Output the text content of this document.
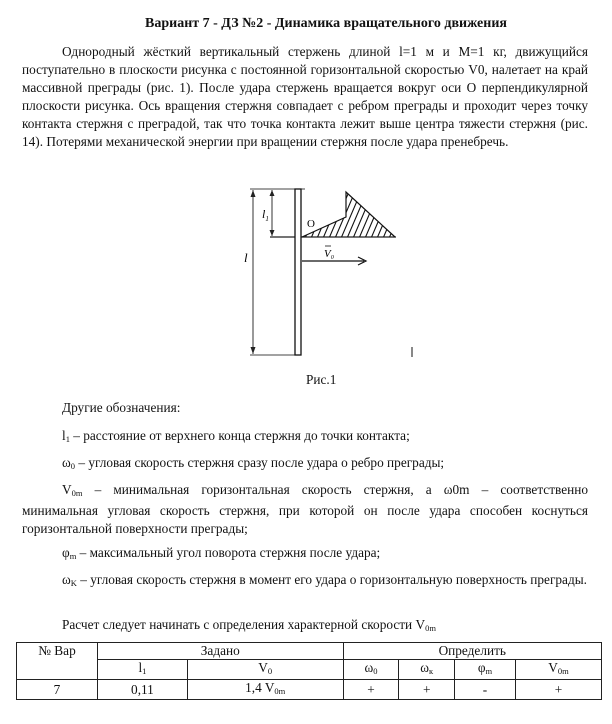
Вариант 7 - ДЗ №2 - Динамика вращательного движения

Однородный жёсткий вертикальный стержень длиной l=1 м и M=1 кг, движущийся поступательно в плоскости рисунка с постоянной горизонтальной скоростью V0, налетает на край массивной преграды (рис. 1). После удара стержень вращается вокруг оси O перпендикулярной плоскости рисунка. Ось вращения стержня совпадает с ребром преграды и проходит через точку контакта стержня с преградой, так что точка контакта лежит выше центра тяжести стержня (рис. 14). Потерями механической энергии при вращении стержня после удара пренебречь.

l
$l_1$	O
V0
Рис.1
Другие обозначения:
$l_1$ – расстояние от верхнего конца стержня до точки контакта;
$\omega_0$ – угловая скорость стержня сразу после удара о ребро преграды;

$V_{0m}$ – минимальная горизонтальная скорость стержня, а ω0m – соответственно минимальная угловая скорость стержня, при которой он после удара способен коснуться горизонтальной поверхности преграды;

$\varphi_m$ – максимальный угол поворота стержня после удара;

$\omega_K$ – угловая скорость стержня в момент его удара о горизонтальную поверхность преграды.

Расчет следует начинать с определения характерной скорости $V_{0m}$
№ Вар	Задано		Определить			
	$l_1$	$V_0$	$\omega_0$	$\omega_к$	$\varphi_m$	$V_{0m}$
7	0,11	1,4 $V_{0m}$	+	+	-	+
